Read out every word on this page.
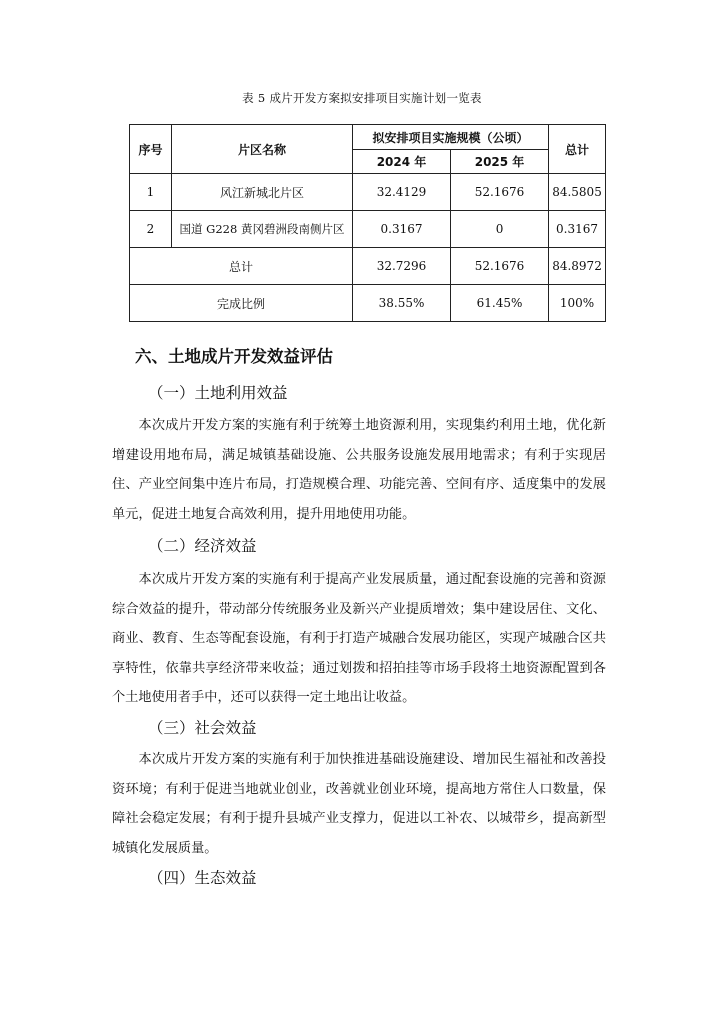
表 5 成片开发方案拟安排项目实施计划一览表
序号	片区名称	拟安排项目实施规模（公顷）		总计
		2024 年	2025 年	
1	风江新城北片区	32.4129	52.1676	84.5805
2	国道 G228 黄冈碧洲段南侧片区	0.3167	0	0.3167
总计		32.7296	52.1676	84.8972
完成比例		38.55%	61.45%	100%
六、土地成片开发效益评估
（一）土地利用效益

本次成片开发方案的实施有利于统筹土地资源利用，实现集约利用土地，优化新增建设用地布局，满足城镇基础设施、公共服务设施发展用地需求；有利于实现居住、产业空间集中连片布局，打造规模合理、功能完善、空间有序、适度集中的发展单元，促进土地复合高效利用，提升用地使用功能。

（二）经济效益

本次成片开发方案的实施有利于提高产业发展质量，通过配套设施的完善和资源综合效益的提升，带动部分传统服务业及新兴产业提质增效；集中建设居住、文化、商业、教育、生态等配套设施，有利于打造产城融合发展功能区，实现产城融合区共享特性，依靠共享经济带来收益；通过划拨和招拍挂等市场手段将土地资源配置到各个土地使用者手中，还可以获得一定土地出让收益。

（三）社会效益

本次成片开发方案的实施有利于加快推进基础设施建设、增加民生福祉和改善投资环境；有利于促进当地就业创业，改善就业创业环境，提高地方常住人口数量，保障社会稳定发展；有利于提升县城产业支撑力，促进以工补农、以城带乡，提高新型城镇化发展质量。

（四）生态效益
